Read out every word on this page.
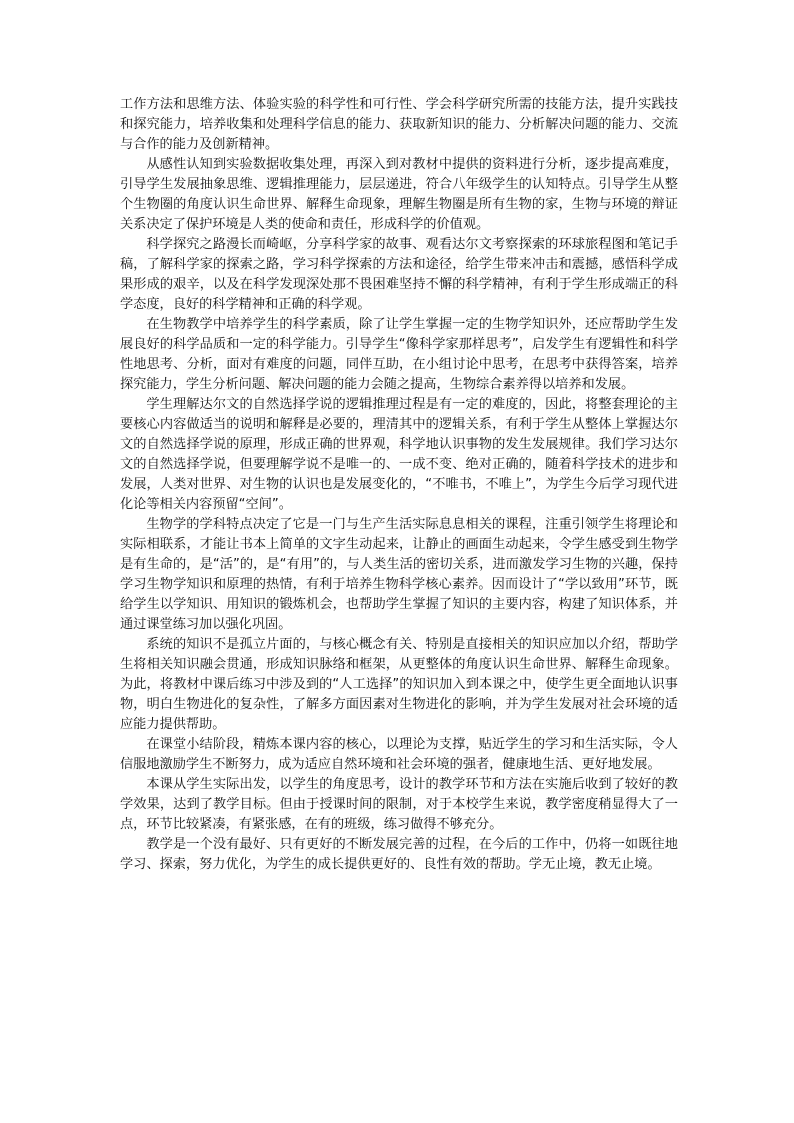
工作方法和思维方法、体验实验的科学性和可行性、学会科学研究所需的技能方法，提升实践技和探究能力，培养收集和处理科学信息的能力、获取新知识的能力、分析解决问题的能力、交流与合作的能力及创新精神。

从感性认知到实验数据收集处理，再深入到对教材中提供的资料进行分析，逐步提高难度，引导学生发展抽象思维、逻辑推理能力，层层递进，符合八年级学生的认知特点。引导学生从整个生物圈的角度认识生命世界、解释生命现象，理解生物圈是所有生物的家，生物与环境的辩证关系决定了保护环境是人类的使命和责任，形成科学的价值观。

科学探究之路漫长而崎岖，分享科学家的故事、观看达尔文考察探索的环球旅程图和笔记手稿，了解科学家的探索之路，学习科学探索的方法和途径，给学生带来冲击和震撼，感悟科学成果形成的艰辛，以及在科学发现深处那不畏困难坚持不懈的科学精神，有利于学生形成端正的科学态度，良好的科学精神和正确的科学观。

在生物教学中培养学生的科学素质，除了让学生掌握一定的生物学知识外，还应帮助学生发展良好的科学品质和一定的科学能力。引导学生“像科学家那样思考”，启发学生有逻辑性和科学性地思考、分析，面对有难度的问题，同伴互助，在小组讨论中思考，在思考中获得答案，培养探究能力，学生分析问题、解决问题的能力会随之提高，生物综合素养得以培养和发展。

学生理解达尔文的自然选择学说的逻辑推理过程是有一定的难度的，因此，将整套理论的主要核心内容做适当的说明和解释是必要的，理清其中的逻辑关系，有利于学生从整体上掌握达尔文的自然选择学说的原理，形成正确的世界观，科学地认识事物的发生发展规律。我们学习达尔文的自然选择学说，但要理解学说不是唯一的、一成不变、绝对正确的，随着科学技术的进步和发展，人类对世界、对生物的认识也是发展变化的，“不唯书，不唯上”，为学生今后学习现代进化论等相关内容预留“空间”。

生物学的学科特点决定了它是一门与生产生活实际息息相关的课程，注重引领学生将理论和实际相联系，才能让书本上简单的文字生动起来，让静止的画面生动起来，令学生感受到生物学是有生命的，是“活”的，是“有用”的，与人类生活的密切关系，进而激发学习生物的兴趣，保持学习生物学知识和原理的热情，有利于培养生物科学核心素养。因而设计了“学以致用”环节，既给学生以学知识、用知识的锻炼机会，也帮助学生掌握了知识的主要内容，构建了知识体系，并通过课堂练习加以强化巩固。

系统的知识不是孤立片面的，与核心概念有关、特别是直接相关的知识应加以介绍，帮助学生将相关知识融会贯通，形成知识脉络和框架，从更整体的角度认识生命世界、解释生命现象。为此，将教材中课后练习中涉及到的“人工选择”的知识加入到本课之中，使学生更全面地认识事物，明白生物进化的复杂性，了解多方面因素对生物进化的影响，并为学生发展对社会环境的适应能力提供帮助。

在课堂小结阶段，精炼本课内容的核心，以理论为支撑，贴近学生的学习和生活实际，令人信服地激励学生不断努力，成为适应自然环境和社会环境的强者，健康地生活、更好地发展。

本课从学生实际出发，以学生的角度思考，设计的教学环节和方法在实施后收到了较好的教学效果，达到了教学目标。但由于授课时间的限制，对于本校学生来说，教学密度稍显得大了一点，环节比较紧凑，有紧张感，在有的班级，练习做得不够充分。

教学是一个没有最好、只有更好的不断发展完善的过程，在今后的工作中，仍将一如既往地学习、探索，努力优化，为学生的成长提供更好的、良性有效的帮助。学无止境，教无止境。
